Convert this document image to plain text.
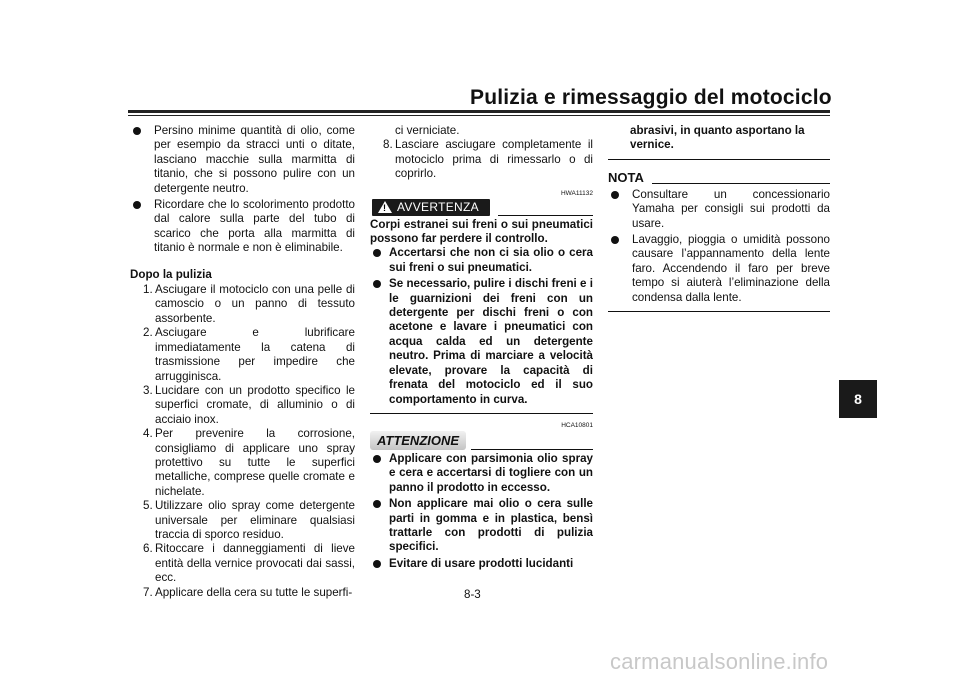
Pulizia e rimessaggio del motociclo
Persino minime quantità di olio, come per esempio da stracci unti o ditate, lasciano macchie sulla marmitta di titanio, che si possono pulire con un detergente neutro.
Ricordare che lo scolorimento prodotto dal calore sulla parte del tubo di scarico che porta alla marmitta di titanio è normale e non è eliminabile.
Dopo la pulizia
1. Asciugare il motociclo con una pelle di camoscio o un panno di tessuto assorbente.
2. Asciugare e lubrificare immediatamente la catena di trasmissione per impedire che arrugginisca.
3. Lucidare con un prodotto specifico le superfici cromate, di alluminio o di acciaio inox.
4. Per prevenire la corrosione, consigliamo di applicare uno spray protettivo su tutte le superfici metalliche, comprese quelle cromate e nichelate.
5. Utilizzare olio spray come detergente universale per eliminare qualsiasi traccia di sporco residuo.
6. Ritoccare i danneggiamenti di lieve entità della vernice provocati dai sassi, ecc.
7. Applicare della cera su tutte le superfi-
ci verniciate.
8. Lasciare asciugare completamente il motociclo prima di rimessarlo o di coprirlo.
HWA11132
! AVVERTENZA
Corpi estranei sui freni o sui pneumatici possono far perdere il controllo.
Accertarsi che non ci sia olio o cera sui freni o sui pneumatici.
Se necessario, pulire i dischi freni e i le guarnizioni dei freni con un detergente per dischi freni o con acetone e lavare i pneumatici con acqua calda ed un detergente neutro. Prima di marciare a velocità elevate, provare la capacità di frenata del motociclo ed il suo comportamento in curva.
HCA10801
ATTENZIONE
Applicare con parsimonia olio spray e cera e accertarsi di togliere con un panno il prodotto in eccesso.
Non applicare mai olio o cera sulle parti in gomma e in plastica, bensì trattarle con prodotti di pulizia specifici.
Evitare di usare prodotti lucidanti
abrasivi, in quanto asportano la vernice.
NOTA
Consultare un concessionario Yamaha per consigli sui prodotti da usare.
Lavaggio, pioggia o umidità possono causare l’appannamento della lente faro. Accendendo il faro per breve tempo si aiuterà l’eliminazione della condensa dalla lente.
8
8-3
carmanualsonline.info
